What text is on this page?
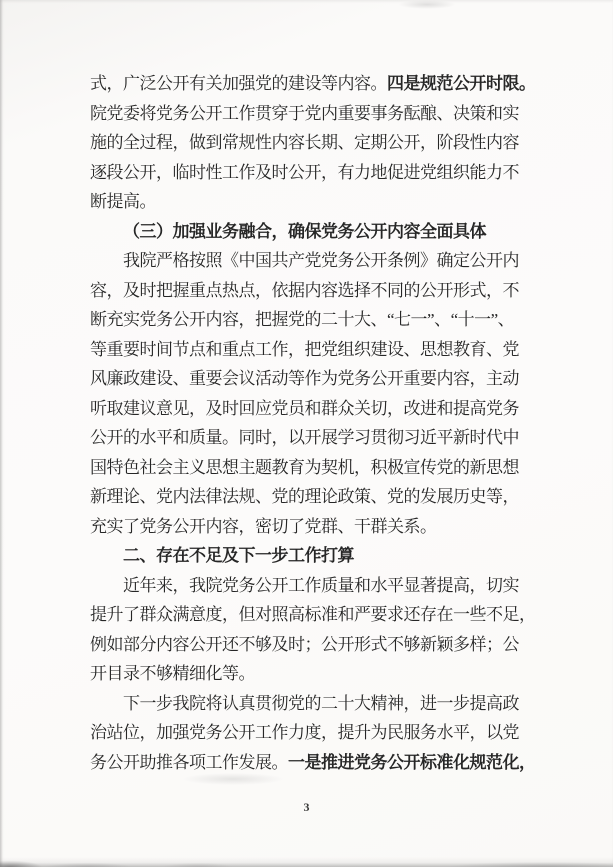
式，广泛公开有关加强党的建设等内容。四是规范公开时限。
院党委将党务公开工作贯穿于党内重要事务酝酿、决策和实
施的全过程，做到常规性内容长期、定期公开，阶段性内容
逐段公开，临时性工作及时公开，有力地促进党组织能力不
断提高。
（三）加强业务融合，确保党务公开内容全面具体
我院严格按照《中国共产党党务公开条例》确定公开内
容，及时把握重点热点，依据内容选择不同的公开形式，不
断充实党务公开内容，把握党的二十大、“七一”、“十一”、
等重要时间节点和重点工作，把党组织建设、思想教育、党
风廉政建设、重要会议活动等作为党务公开重要内容，主动
听取建议意见，及时回应党员和群众关切，改进和提高党务
公开的水平和质量。同时，以开展学习贯彻习近平新时代中
国特色社会主义思想主题教育为契机，积极宣传党的新思想
新理论、党内法律法规、党的理论政策、党的发展历史等，
充实了党务公开内容，密切了党群、干群关系。
二、存在不足及下一步工作打算
近年来，我院党务公开工作质量和水平显著提高，切实
提升了群众满意度，但对照高标准和严要求还存在一些不足，
例如部分内容公开还不够及时；公开形式不够新颖多样；公
开目录不够精细化等。
下一步我院将认真贯彻党的二十大精神，进一步提高政
治站位，加强党务公开工作力度，提升为民服务水平，以党
务公开助推各项工作发展。一是推进党务公开标准化规范化，
3
